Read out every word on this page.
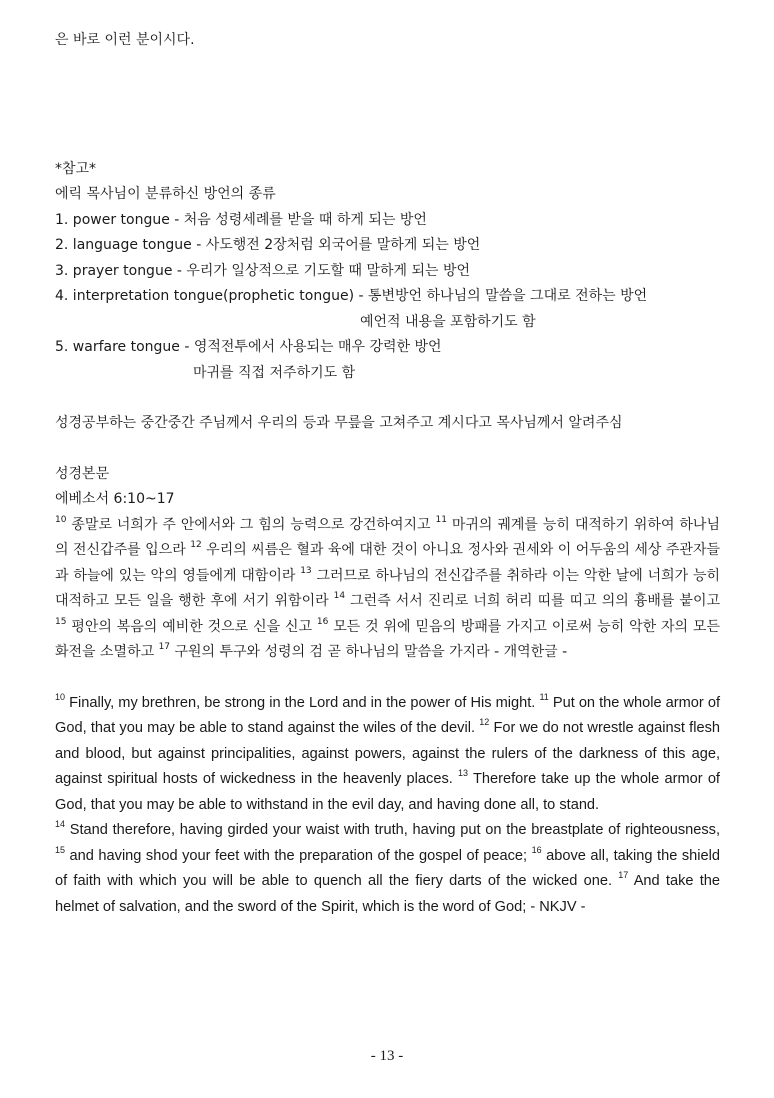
은 바로 이런 분이시다.
*참고*
에릭 목사님이 분류하신 방언의 종류
1. power tongue - 처음 성령세례를 받을 때 하게 되는 방언
2. language tongue - 사도행전 2장처럼 외국어를 말하게 되는 방언
3. prayer tongue - 우리가 일상적으로 기도할 때 말하게 되는 방언
4. interpretation tongue(prophetic tongue) - 통변방언 하나님의 말씀을 그대로 전하는 방언
예언적 내용을 포함하기도 함
5. warfare tongue - 영적전투에서 사용되는 매우 강력한 방언
마귀를 직접 저주하기도 함
성경공부하는 중간중간 주님께서 우리의 등과 무릎을 고쳐주고 계시다고 목사님께서 알려주심
성경본문
에베소서 6:10~17
$^{10}$ 종말로 너희가 주 안에서와 그 힘의 능력으로 강건하여지고 $^{11}$ 마귀의 궤계를 능히 대적하기 위하여 하나님의 전신갑주를 입으라 $^{12}$ 우리의 씨름은 혈과 육에 대한 것이 아니요 정사와 권세와 이 어두움의 세상 주관자들과 하늘에 있는 악의 영들에게 대함이라 $^{13}$ 그러므로 하나님의 전신갑주를 취하라 이는 악한 날에 너희가 능히 대적하고 모든 일을 행한 후에 서기 위함이라 $^{14}$ 그런즉 서서 진리로 너희 허리 띠를 띠고 의의 흉배를 붙이고 $^{15}$ 평안의 복음의 예비한 것으로 신을 신고 $^{16}$ 모든 것 위에 믿음의 방패를 가지고 이로써 능히 악한 자의 모든 화전을 소멸하고 $^{17}$ 구원의 투구와 성령의 검 곧 하나님의 말씀을 가지라 - 개역한글 -
$^{10}$ Finally, my brethren, be strong in the Lord and in the power of His might. $^{11}$ Put on the whole armor of God, that you may be able to stand against the wiles of the devil. $^{12}$ For we do not wrestle against flesh and blood, but against principalities, against powers, against the rulers of the darkness of this age, against spiritual hosts of wickedness in the heavenly places. $^{13}$ Therefore take up the whole armor of God, that you may be able to withstand in the evil day, and having done all, to stand.
$^{14}$ Stand therefore, having girded your waist with truth, having put on the breastplate of righteousness, $^{15}$ and having shod your feet with the preparation of the gospel of peace; $^{16}$ above all, taking the shield of faith with which you will be able to quench all the fiery darts of the wicked one. $^{17}$ And take the helmet of salvation, and the sword of the Spirit, which is the word of God; - NKJV -
- 13 -
